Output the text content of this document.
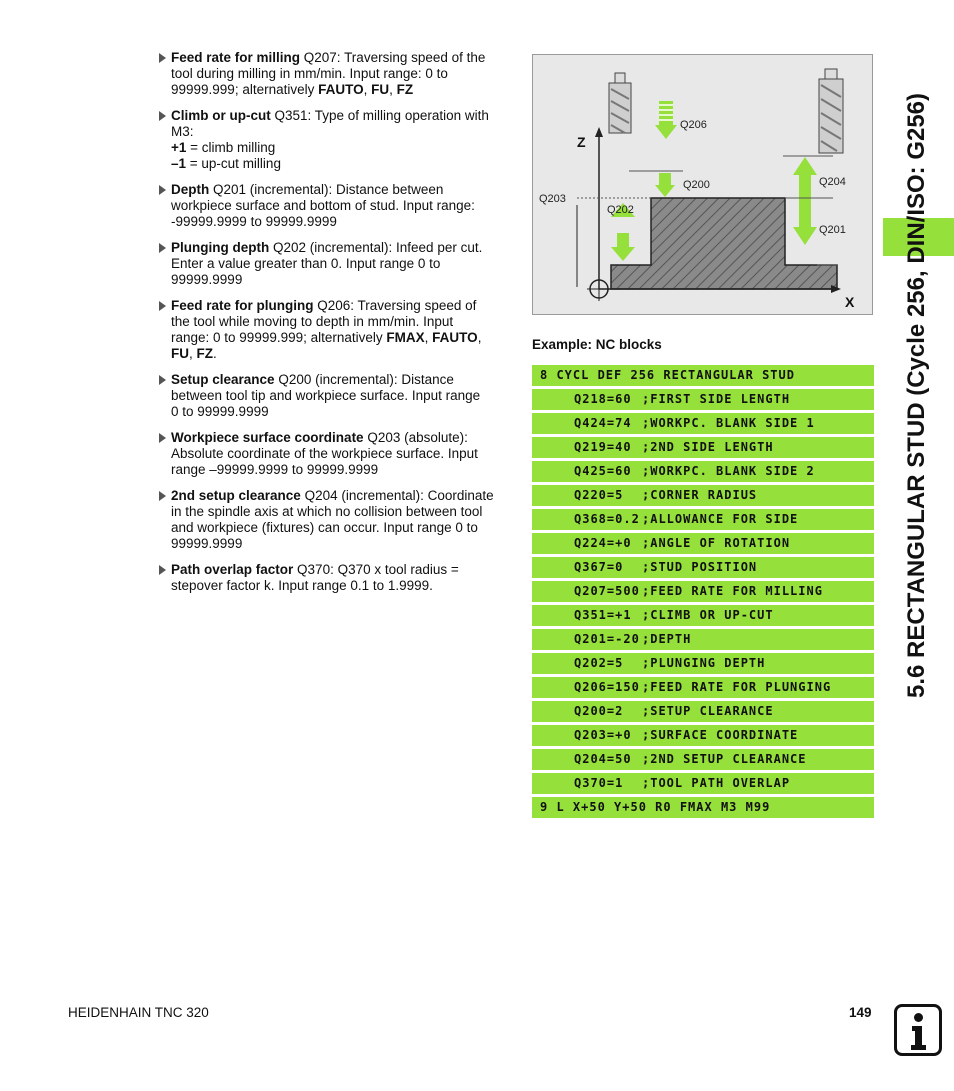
Feed rate for milling Q207: Traversing speed of the
tool during milling in mm/min. Input range: 0 to
99999.999; alternatively FAUTO, FU, FZ
Climb or up-cut Q351: Type of milling operation with
M3:
+1 = climb milling
–1 = up-cut milling
Depth Q201 (incremental): Distance between
workpiece surface and bottom of stud. Input range:
-99999.9999 to 99999.9999
Plunging depth Q202 (incremental): Infeed per cut.
Enter a value greater than 0. Input range 0 to
99999.9999
Feed rate for plunging Q206: Traversing speed of
the tool while moving to depth in mm/min. Input
range: 0 to 99999.999; alternatively FMAX, FAUTO,
FU, FZ.
Setup clearance Q200 (incremental): Distance
between tool tip and workpiece surface. Input range
0 to 99999.9999
Workpiece surface coordinate Q203 (absolute):
Absolute coordinate of the workpiece surface. Input
range –99999.9999 to 99999.9999
2nd setup clearance Q204 (incremental): Coordinate
in the spindle axis at which no collision between tool
and workpiece (fixtures) can occur. Input range 0 to
99999.9999
Path overlap factor Q370: Q370 x tool radius =
stepover factor k. Input range 0.1 to 1.9999.
Z
X
Q206
Q200	Q204
Q203
Q202
Q201
Example: NC blocks
8 CYCL DEF 256 RECTANGULAR STUD
Q218=60 ;FIRST SIDE LENGTH
Q424=74 ;WORKPC. BLANK SIDE 1
Q219=40 ;2ND SIDE LENGTH
Q425=60 ;WORKPC. BLANK SIDE 2
Q220=5 ;CORNER RADIUS
Q368=0.2 ;ALLOWANCE FOR SIDE
Q224=+0 ;ANGLE OF ROTATION
Q367=0 ;STUD POSITION
Q207=500 ;FEED RATE FOR MILLING
Q351=+1 ;CLIMB OR UP-CUT
Q201=-20 ;DEPTH
Q202=5 ;PLUNGING DEPTH
Q206=150 ;FEED RATE FOR PLUNGING
Q200=2 ;SETUP CLEARANCE
Q203=+0 ;SURFACE COORDINATE
Q204=50 ;2ND SETUP CLEARANCE
Q370=1 ;TOOL PATH OVERLAP
9 L X+50 Y+50 R0 FMAX M3 M99
5.6 RECTANGULAR STUD (Cycle 256, DIN/ISO: G256)
HEIDENHAIN TNC 320	149
